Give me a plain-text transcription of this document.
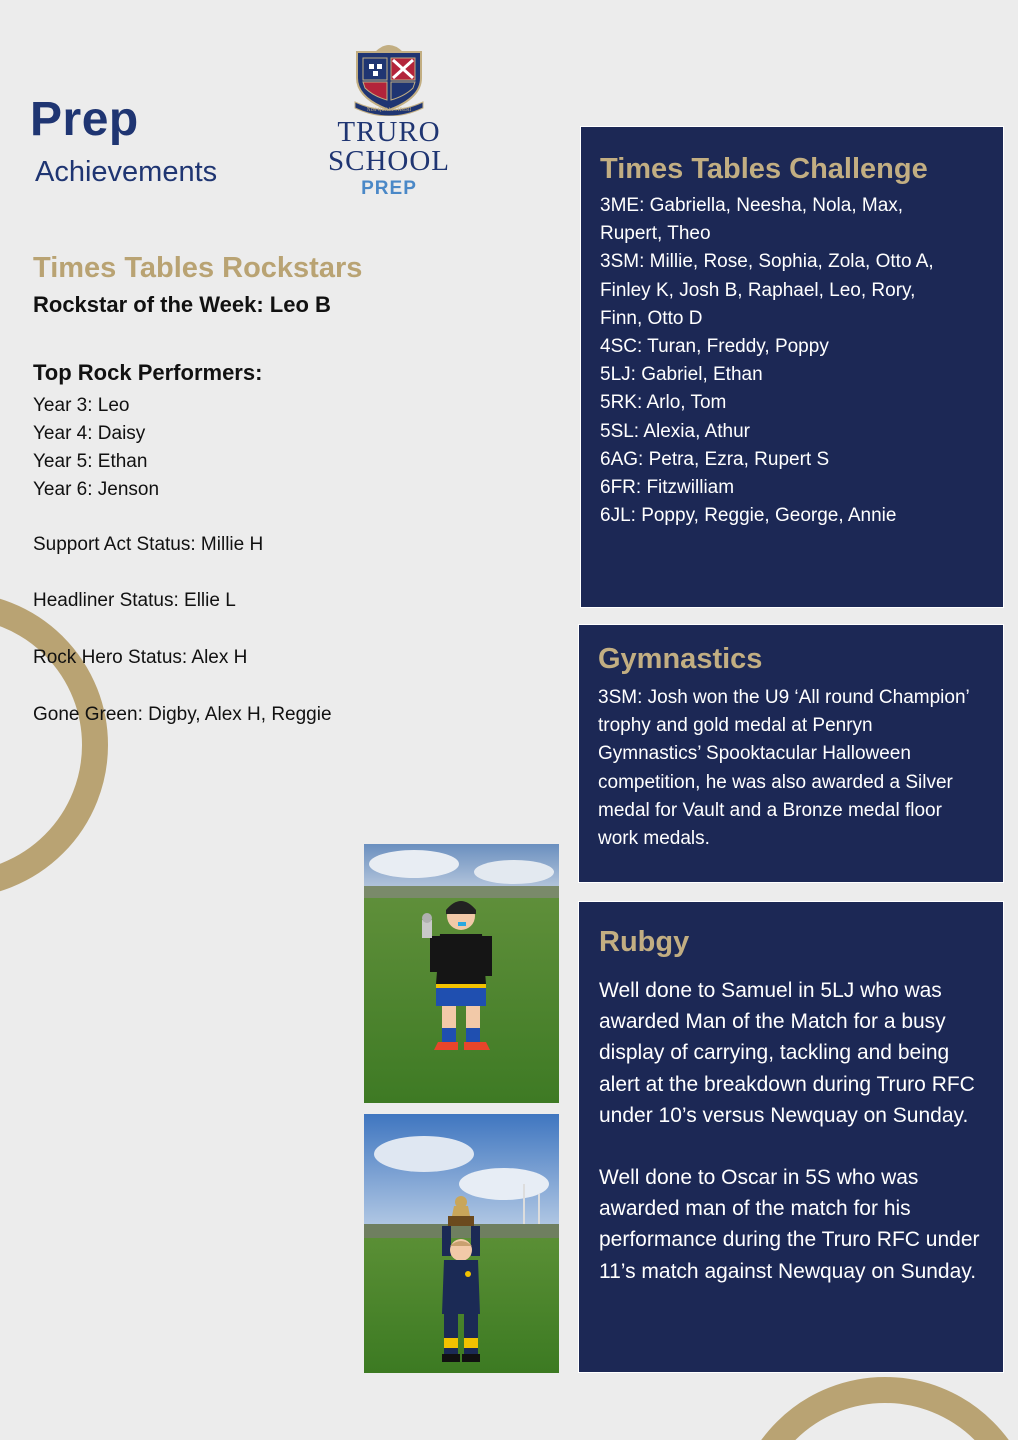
Prep
Achievements
NISI QUAM VIDERI
TRURO
SCHOOL
PREP
Times Tables Rockstars
Rockstar of the Week: Leo B
Top Rock Performers:
Year 3: Leo
Year 4: Daisy
Year 5: Ethan
Year 6: Jenson
Support Act Status: Millie H
Headliner Status: Ellie L
Rock Hero Status: Alex H
Gone Green: Digby, Alex H, Reggie
Times Tables Challenge
3ME: Gabriella, Neesha, Nola, Max,
Rupert, Theo
3SM: Millie, Rose, Sophia, Zola, Otto A,
Finley K, Josh B, Raphael, Leo, Rory,
Finn, Otto D
4SC: Turan, Freddy, Poppy
5LJ: Gabriel, Ethan
5RK: Arlo, Tom
5SL: Alexia, Athur
6AG: Petra, Ezra, Rupert S
6FR: Fitzwilliam
6JL: Poppy, Reggie, George, Annie
Gymnastics
3SM: Josh won the U9 ‘All round Champion’ trophy and gold medal at Penryn Gymnastics’ Spooktacular Halloween competition, he was also awarded a Silver medal for Vault and a Bronze medal floor work medals.
Rubgy
Well done to Samuel in 5LJ who was awarded Man of the Match for a busy display of carrying, tackling and being alert at the breakdown during Truro RFC under 10’s versus Newquay on Sunday.
Well done to Oscar in 5S who was awarded man of the match for his performance during the Truro RFC under 11’s match against Newquay on Sunday.
